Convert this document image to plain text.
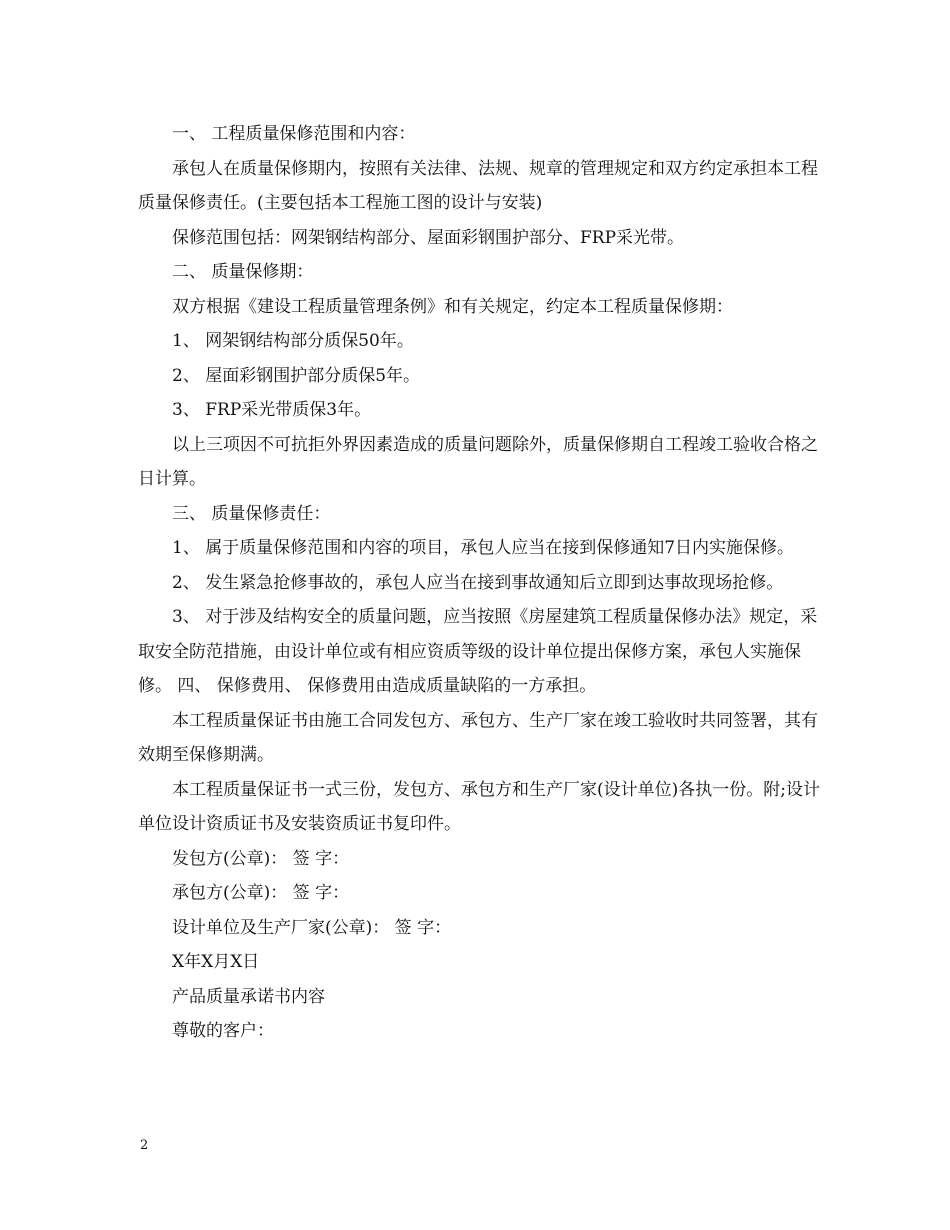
一、 工程质量保修范围和内容：

承包人在质量保修期内，按照有关法律、法规、规章的管理规定和双方约定承担本工程质量保修责任。(主要包括本工程施工图的设计与安装)

保修范围包括：网架钢结构部分、屋面彩钢围护部分、FRP采光带。

二、 质量保修期：

双方根据《建设工程质量管理条例》和有关规定，约定本工程质量保修期：

1、 网架钢结构部分质保50年。

2、 屋面彩钢围护部分质保5年。

3、 FRP采光带质保3年。

以上三项因不可抗拒外界因素造成的质量问题除外，质量保修期自工程竣工验收合格之日计算。

三、 质量保修责任：

1、 属于质量保修范围和内容的项目，承包人应当在接到保修通知7日内实施保修。

2、 发生紧急抢修事故的，承包人应当在接到事故通知后立即到达事故现场抢修。

3、 对于涉及结构安全的质量问题，应当按照《房屋建筑工程质量保修办法》规定，采取安全防范措施，由设计单位或有相应资质等级的设计单位提出保修方案，承包人实施保修。 四、 保修费用、 保修费用由造成质量缺陷的一方承担。

本工程质量保证书由施工合同发包方、承包方、生产厂家在竣工验收时共同签署，其有效期至保修期满。

本工程质量保证书一式三份，发包方、承包方和生产厂家(设计单位)各执一份。附;设计单位设计资质证书及安装资质证书复印件。

发包方(公章)： 签 字：

承包方(公章)： 签 字：

设计单位及生产厂家(公章)： 签 字：

X年X月X日

产品质量承诺书内容

尊敬的客户：

2
